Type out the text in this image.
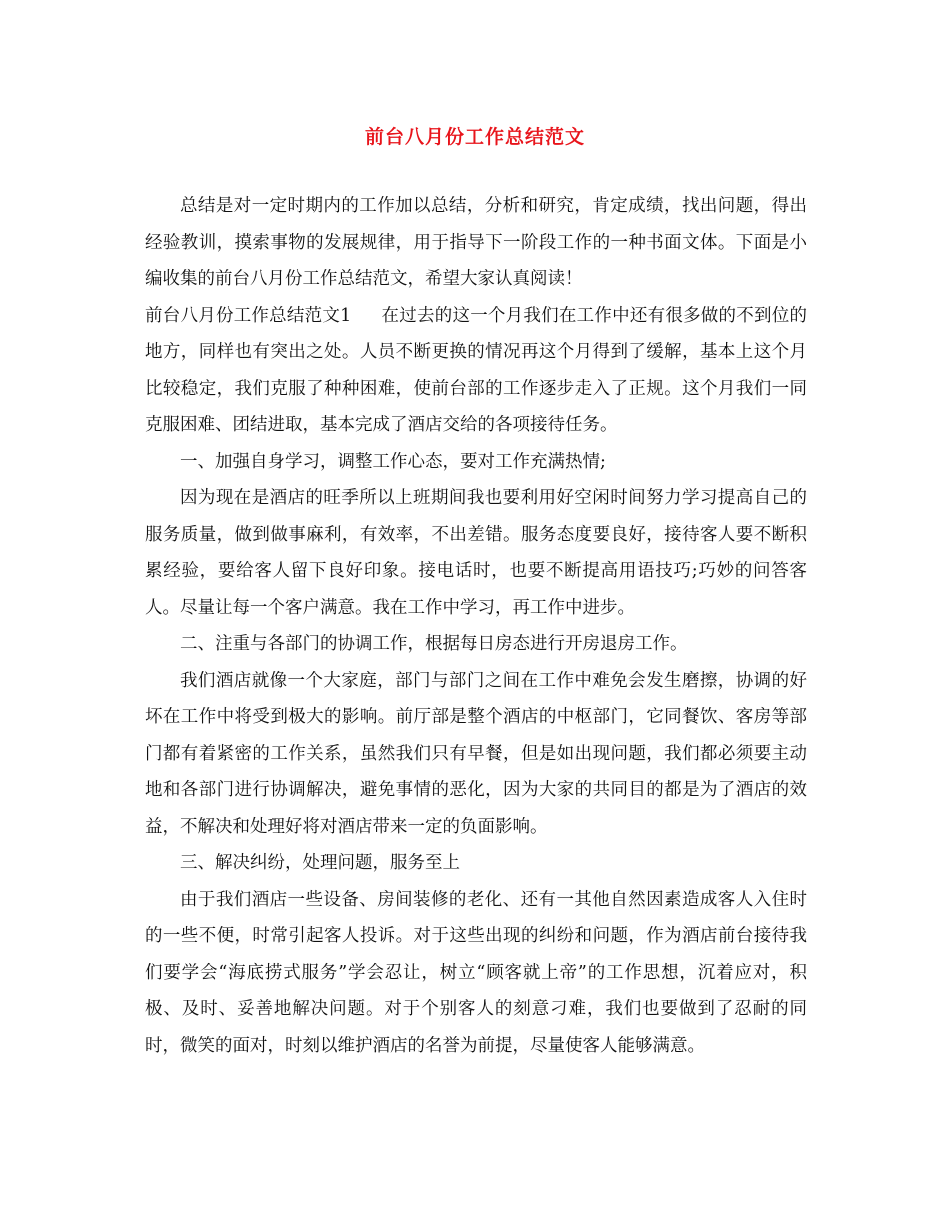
前台八月份工作总结范文

总结是对一定时期内的工作加以总结，分析和研究，肯定成绩，找出问题，得出经验教训，摸索事物的发展规律，用于指导下一阶段工作的一种书面文体。下面是小编收集的前台八月份工作总结范文，希望大家认真阅读！

前台八月份工作总结范文1 在过去的这一个月我们在工作中还有很多做的不到位的地方，同样也有突出之处。人员不断更换的情况再这个月得到了缓解，基本上这个月比较稳定，我们克服了种种困难，使前台部的工作逐步走入了正规。这个月我们一同克服困难、团结进取，基本完成了酒店交给的各项接待任务。

一、加强自身学习，调整工作心态，要对工作充满热情;

因为现在是酒店的旺季所以上班期间我也要利用好空闲时间努力学习提高自己的服务质量，做到做事麻利，有效率，不出差错。服务态度要良好，接待客人要不断积累经验，要给客人留下良好印象。接电话时，也要不断提高用语技巧;巧妙的问答客人。尽量让每一个客户满意。我在工作中学习，再工作中进步。

二、注重与各部门的协调工作，根据每日房态进行开房退房工作。

我们酒店就像一个大家庭，部门与部门之间在工作中难免会发生磨擦，协调的好坏在工作中将受到极大的影响。前厅部是整个酒店的中枢部门，它同餐饮、客房等部门都有着紧密的工作关系，虽然我们只有早餐，但是如出现问题，我们都必须要主动地和各部门进行协调解决，避免事情的恶化，因为大家的共同目的都是为了酒店的效益，不解决和处理好将对酒店带来一定的负面影响。

三、解决纠纷，处理问题，服务至上

由于我们酒店一些设备、房间装修的老化、还有一其他自然因素造成客人入住时的一些不便，时常引起客人投诉。对于这些出现的纠纷和问题，作为酒店前台接待我们要学会“海底捞式服务”学会忍让，树立“顾客就上帝”的工作思想，沉着应对，积极、及时、妥善地解决问题。对于个别客人的刻意刁难，我们也要做到了忍耐的同时，微笑的面对，时刻以维护酒店的名誉为前提，尽量使客人能够满意。
